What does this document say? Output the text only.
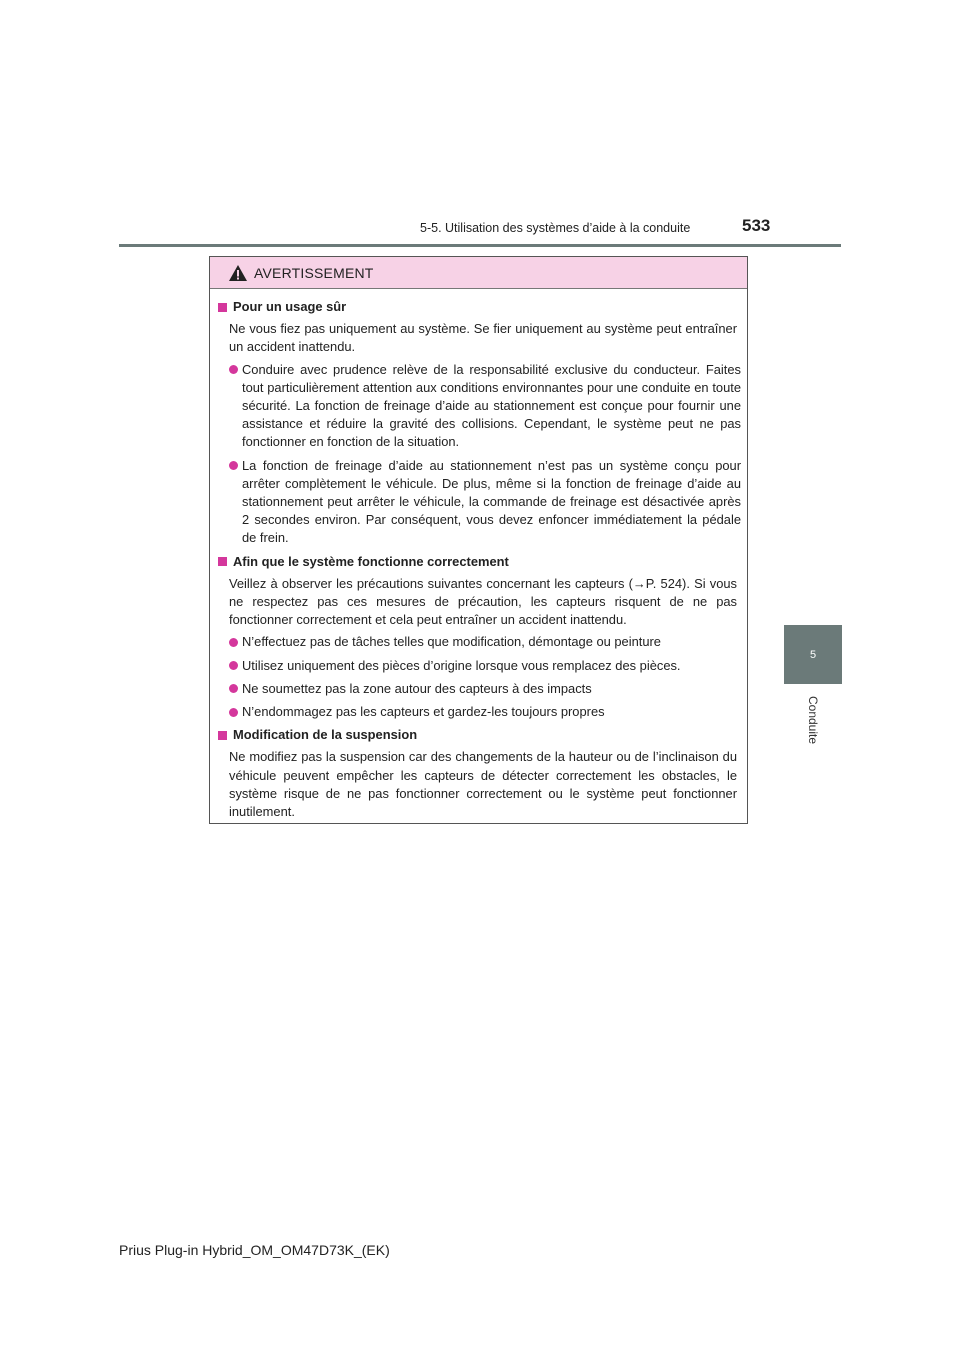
5-5. Utilisation des systèmes d’aide à la conduite	533
5
Conduite
AVERTISSEMENT
Pour un usage sûr
Ne vous fiez pas uniquement au système. Se fier uniquement au système peut entraîner un accident inattendu.
Conduire avec prudence relève de la responsabilité exclusive du conducteur. Faites tout particulièrement attention aux conditions environnantes pour une conduite en toute sécurité. La fonction de freinage d’aide au stationnement est conçue pour fournir une assistance et réduire la gravité des collisions. Cependant, le système peut ne pas fonctionner en fonction de la situation.
La fonction de freinage d’aide au stationnement n’est pas un système conçu pour arrêter complètement le véhicule. De plus, même si la fonction de freinage d’aide au stationnement peut arrêter le véhicule, la commande de freinage est désactivée après 2 secondes environ. Par conséquent, vous devez enfoncer immédiatement la pédale de frein.
Afin que le système fonctionne correctement
Veillez à observer les précautions suivantes concernant les capteurs (→P. 524). Si vous ne respectez pas ces mesures de précaution, les capteurs risquent de ne pas fonctionner correctement et cela peut entraîner un accident inattendu.
N’effectuez pas de tâches telles que modification, démontage ou peinture
Utilisez uniquement des pièces d’origine lorsque vous remplacez des pièces.
Ne soumettez pas la zone autour des capteurs à des impacts
N’endommagez pas les capteurs et gardez-les toujours propres
Modification de la suspension
Ne modifiez pas la suspension car des changements de la hauteur ou de l’inclinaison du véhicule peuvent empêcher les capteurs de détecter correctement les obstacles, le système risque de ne pas fonctionner correctement ou le système peut fonctionner inutilement.
Prius Plug-in Hybrid_OM_OM47D73K_(EK)
